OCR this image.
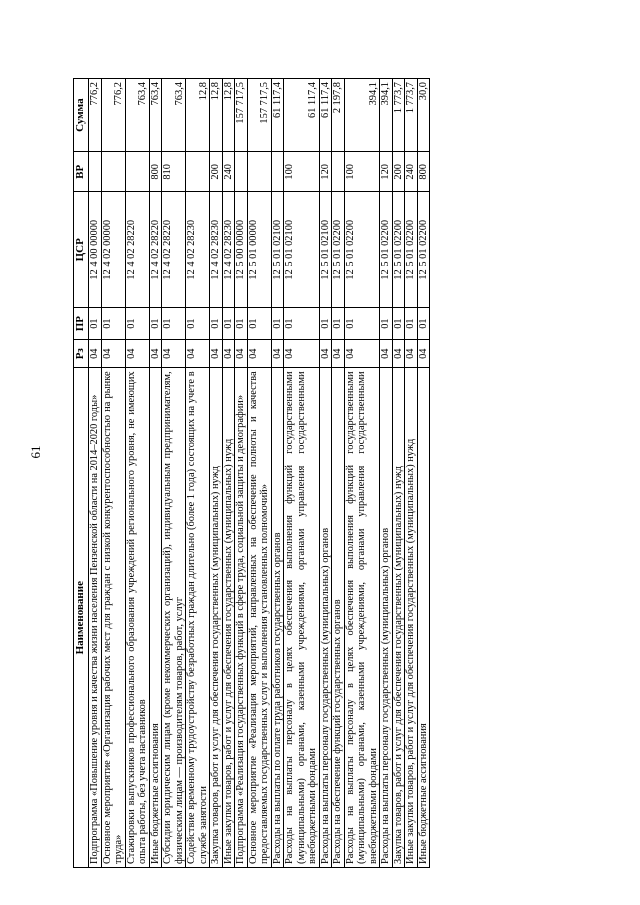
61
Наименование	Рз	ПР	ЦСР	ВР	Сумма
Подпрограмма «Повышение уровня и качества жизни населения Пензенской области на 2014–2020 годы»	04	01	12 4 00 00000		776,2
Основное мероприятие «Организация рабочих мест для граждан с низкой конкурентоспособностью на рынке труда»	04	01	12 4 02 00000		776,2
Стажировки выпускников профессионального образования учреждений регионального уровня, не имеющих опыта работы, без учета наставников	04	01	12 4 02 28220		763,4
Иные бюджетные ассигнования	04	01	12 4 02 28220	800	763,4
Субсидии юридическим лицам (кроме некоммерческих организаций), индивидуальным предпринимателям, физическим лицам — производителям товаров, работ, услуг	04	01	12 4 02 28220	810	763,4
Содействие временному трудоустройству безработных граждан длительно (более 1 года) состоящих на учете в службе занятости	04	01	12 4 02 28230		12,8
Закупка товаров, работ и услуг для обеспечения государственных (муниципальных) нужд	04	01	12 4 02 28230	200	12,8
Иные закупки товаров, работ и услуг для обеспечения государственных (муниципальных) нужд	04	01	12 4 02 28230	240	12,8
Подпрограмма «Реализация государственных функций в сфере труда, социальной защиты и демографии»	04	01	12 5 00 00000		157 717,5
Основное мероприятие «Реализация мероприятий, направленных на обеспечение полноты и качества предоставляемых государственных услуг и выполнения установленных полномочий»	04	01	12 5 01 00000		157 717,5
Расходы на выплаты по оплате труда работников государственных органов	04	01	12 5 01 02100		61 117,4
Расходы на выплаты персоналу в целях обеспечения выполнения функций государственными (муниципальными) органами, казенными учреждениями, органами управления государственными внебюджетными фондами	04	01	12 5 01 02100	100	61 117,4
Расходы на выплаты персоналу государственных (муниципальных) органов	04	01	12 5 01 02100	120	61 117,4
Расходы на обеспечение функций государственных органов	04	01	12 5 01 02200		2 197,8
Расходы на выплаты персоналу в целях обеспечения выполнения функций государственными (муниципальными) органами, казенными учреждениями, органами управления государственными внебюджетными фондами	04	01	12 5 01 02200	100	394,1
Расходы на выплаты персоналу государственных (муниципальных) органов	04	01	12 5 01 02200	120	394,1
Закупка товаров, работ и услуг для обеспечения государственных (муниципальных) нужд	04	01	12 5 01 02200	200	1 773,7
Иные закупки товаров, работ и услуг для обеспечения государственных (муниципальных) нужд	04	01	12 5 01 02200	240	1 773,7
Иные бюджетные ассигнования	04	01	12 5 01 02200	800	30,0
